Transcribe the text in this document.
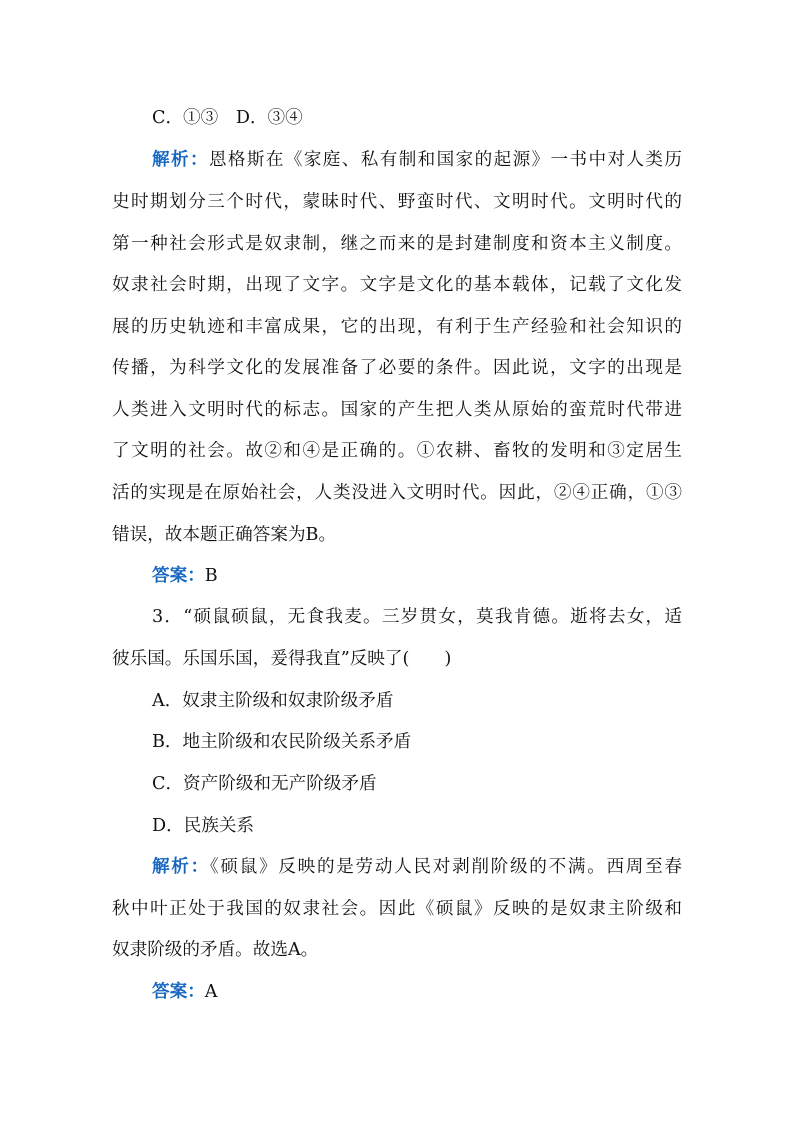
C．①③　D．③④
解析：恩格斯在《家庭、私有制和国家的起源》一书中对人类历
史时期划分三个时代，蒙昧时代、野蛮时代、文明时代。文明时代的
第一种社会形式是奴隶制，继之而来的是封建制度和资本主义制度。
奴隶社会时期，出现了文字。文字是文化的基本载体，记载了文化发
展的历史轨迹和丰富成果，它的出现，有利于生产经验和社会知识的
传播，为科学文化的发展准备了必要的条件。因此说，文字的出现是
人类进入文明时代的标志。国家的产生把人类从原始的蛮荒时代带进
了文明的社会。故②和④是正确的。①农耕、畜牧的发明和③定居生
活的实现是在原始社会，人类没进入文明时代。因此，②④正确，①③
错误，故本题正确答案为B。
答案：B
3．“硕鼠硕鼠，无食我麦。三岁贯女，莫我肯德。逝将去女，适
彼乐国。乐国乐国，爰得我直”反映了(　　)
A．奴隶主阶级和奴隶阶级矛盾
B．地主阶级和农民阶级关系矛盾
C．资产阶级和无产阶级矛盾
D．民族关系
解析：《硕鼠》反映的是劳动人民对剥削阶级的不满。西周至春
秋中叶正处于我国的奴隶社会。因此《硕鼠》反映的是奴隶主阶级和
奴隶阶级的矛盾。故选A。
答案：A
